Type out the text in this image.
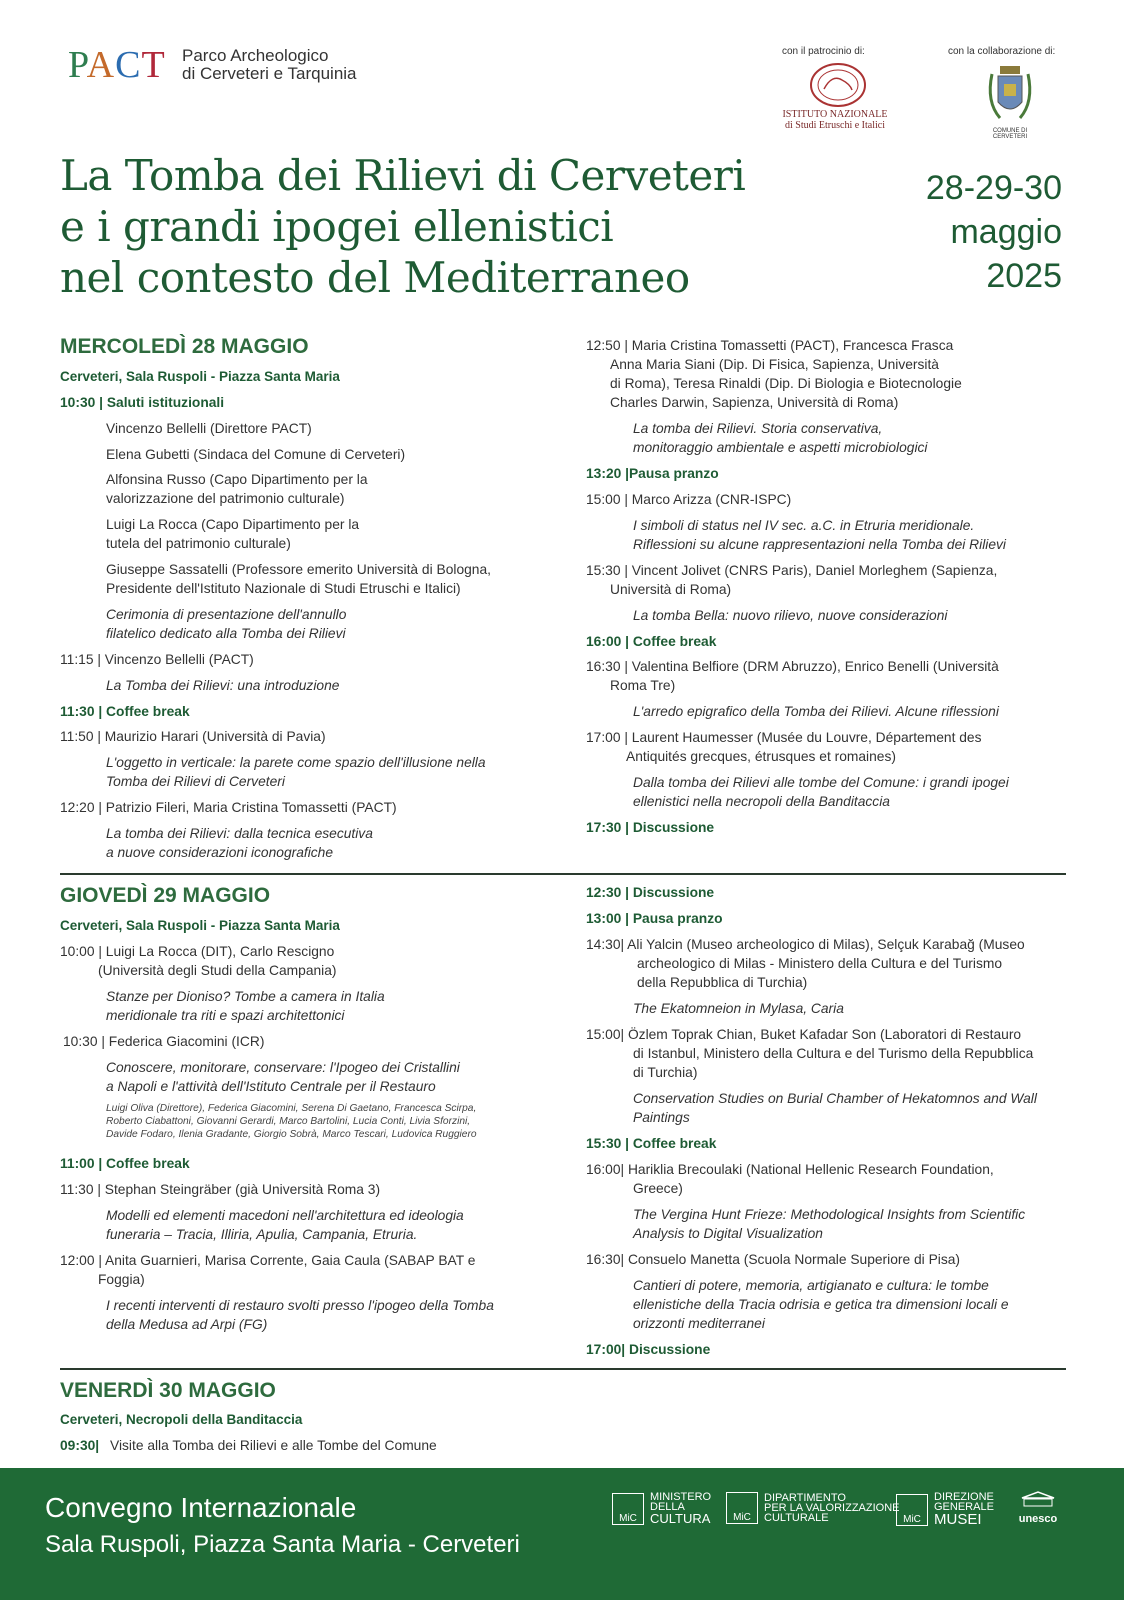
PACT Parco Archeologico
di Cerveteri e Tarquinia
con il patrocinio di:
ISTITUTO NAZIONALE
di Studi Etruschi e Italici
con la collaborazione di:
COMUNE DI CERVETERI
La Tomba dei Rilievi di Cerveteri
e i grandi ipogei ellenistici
nel contesto del Mediterraneo
28-29-30
maggio
2025
MERCOLEDÌ 28 MAGGIO
Cerveteri, Sala Ruspoli - Piazza Santa Maria
10:30 | Saluti istituzionali
Vincenzo Bellelli (Direttore PACT)
Elena Gubetti (Sindaca del Comune di Cerveteri)
Alfonsina Russo (Capo Dipartimento per la
valorizzazione del patrimonio culturale)
Luigi La Rocca (Capo Dipartimento per la
tutela del patrimonio culturale)
Giuseppe Sassatelli (Professore emerito Università di Bologna,
Presidente dell'Istituto Nazionale di Studi Etruschi e Italici)
Cerimonia di presentazione dell'annullo
filatelico dedicato alla Tomba dei Rilievi
11:15 | Vincenzo Bellelli (PACT)
La Tomba dei Rilievi: una introduzione
11:30 | Coffee break
11:50 | Maurizio Harari (Università di Pavia)
L'oggetto in verticale: la parete come spazio dell'illusione nella
Tomba dei Rilievi di Cerveteri
12:20 | Patrizio Fileri, Maria Cristina Tomassetti (PACT)
La tomba dei Rilievi: dalla tecnica esecutiva
a nuove considerazioni iconografiche
12:50 | Maria Cristina Tomassetti (PACT), Francesca Frasca
Anna Maria Siani (Dip. Di Fisica, Sapienza, Università
di Roma), Teresa Rinaldi (Dip. Di Biologia e Biotecnologie
Charles Darwin, Sapienza, Università di Roma)
La tomba dei Rilievi. Storia conservativa,
monitoraggio ambientale e aspetti microbiologici
13:20 |Pausa pranzo
15:00 | Marco Arizza (CNR-ISPC)
I simboli di status nel IV sec. a.C. in Etruria meridionale.
Riflessioni su alcune rappresentazioni nella Tomba dei Rilievi
15:30 | Vincent Jolivet (CNRS Paris), Daniel Morleghem (Sapienza,
Università di Roma)
La tomba Bella: nuovo rilievo, nuove considerazioni
16:00 | Coffee break
16:30 | Valentina Belfiore (DRM Abruzzo), Enrico Benelli (Università
Roma Tre)
L'arredo epigrafico della Tomba dei Rilievi. Alcune riflessioni
17:00 | Laurent Haumesser (Musée du Louvre, Département des
Antiquités grecques, étrusques et romaines)
Dalla tomba dei Rilievi alle tombe del Comune: i grandi ipogei
ellenistici nella necropoli della Banditaccia
17:30 | Discussione
GIOVEDÌ 29 MAGGIO
Cerveteri, Sala Ruspoli - Piazza Santa Maria
10:00 | Luigi La Rocca (DIT), Carlo Rescigno
(Università degli Studi della Campania)
Stanze per Dioniso? Tombe a camera in Italia
meridionale tra riti e spazi architettonici
10:30 | Federica Giacomini (ICR)
Conoscere, monitorare, conservare: l'Ipogeo dei Cristallini
a Napoli e l'attività dell'Istituto Centrale per il Restauro
Luigi Oliva (Direttore), Federica Giacomini, Serena Di Gaetano, Francesca Scirpa,
Roberto Ciabattoni, Giovanni Gerardi, Marco Bartolini, Lucia Conti, Livia Sforzini,
Davide Fodaro, Ilenia Gradante, Giorgio Sobrà, Marco Tescari, Ludovica Ruggiero
11:00 | Coffee break
11:30 | Stephan Steingräber (già Università Roma 3)
Modelli ed elementi macedoni nell'architettura ed ideologia
funeraria – Tracia, Illiria, Apulia, Campania, Etruria.
12:00 | Anita Guarnieri, Marisa Corrente, Gaia Caula (SABAP BAT e
Foggia)
I recenti interventi di restauro svolti presso l'ipogeo della Tomba
della Medusa ad Arpi (FG)
12:30 | Discussione
13:00 | Pausa pranzo
14:30| Ali Yalcin (Museo archeologico di Milas), Selçuk Karabağ (Museo
archeologico di Milas - Ministero della Cultura e del Turismo
della Repubblica di Turchia)
The Ekatomneion in Mylasa, Caria
15:00| Özlem Toprak Chian, Buket Kafadar Son (Laboratori di Restauro
di Istanbul, Ministero della Cultura e del Turismo della Repubblica
di Turchia)
Conservation Studies on Burial Chamber of Hekatomnos and Wall
Paintings
15:30 | Coffee break
16:00| Hariklia Brecoulaki (National Hellenic Research Foundation,
Greece)
The Vergina Hunt Frieze: Methodological Insights from Scientific
Analysis to Digital Visualization
16:30| Consuelo Manetta (Scuola Normale Superiore di Pisa)
Cantieri di potere, memoria, artigianato e cultura: le tombe
ellenistiche della Tracia odrisia e getica tra dimensioni locali e
orizzonti mediterranei
17:00| Discussione
VENERDÌ 30 MAGGIO
Cerveteri, Necropoli della Banditaccia
09:30| Visite alla Tomba dei Rilievi e alle Tombe del Comune
Convegno Internazionale
Sala Ruspoli, Piazza Santa Maria - Cerveteri
MiC
MINISTERO
DELLA
CULTURA	MiC
DIPARTIMENTO
PER LA VALORIZZAZIONE
CULTURALE	MiC
DIREZIONE
GENERALE
MUSEI	unesco
